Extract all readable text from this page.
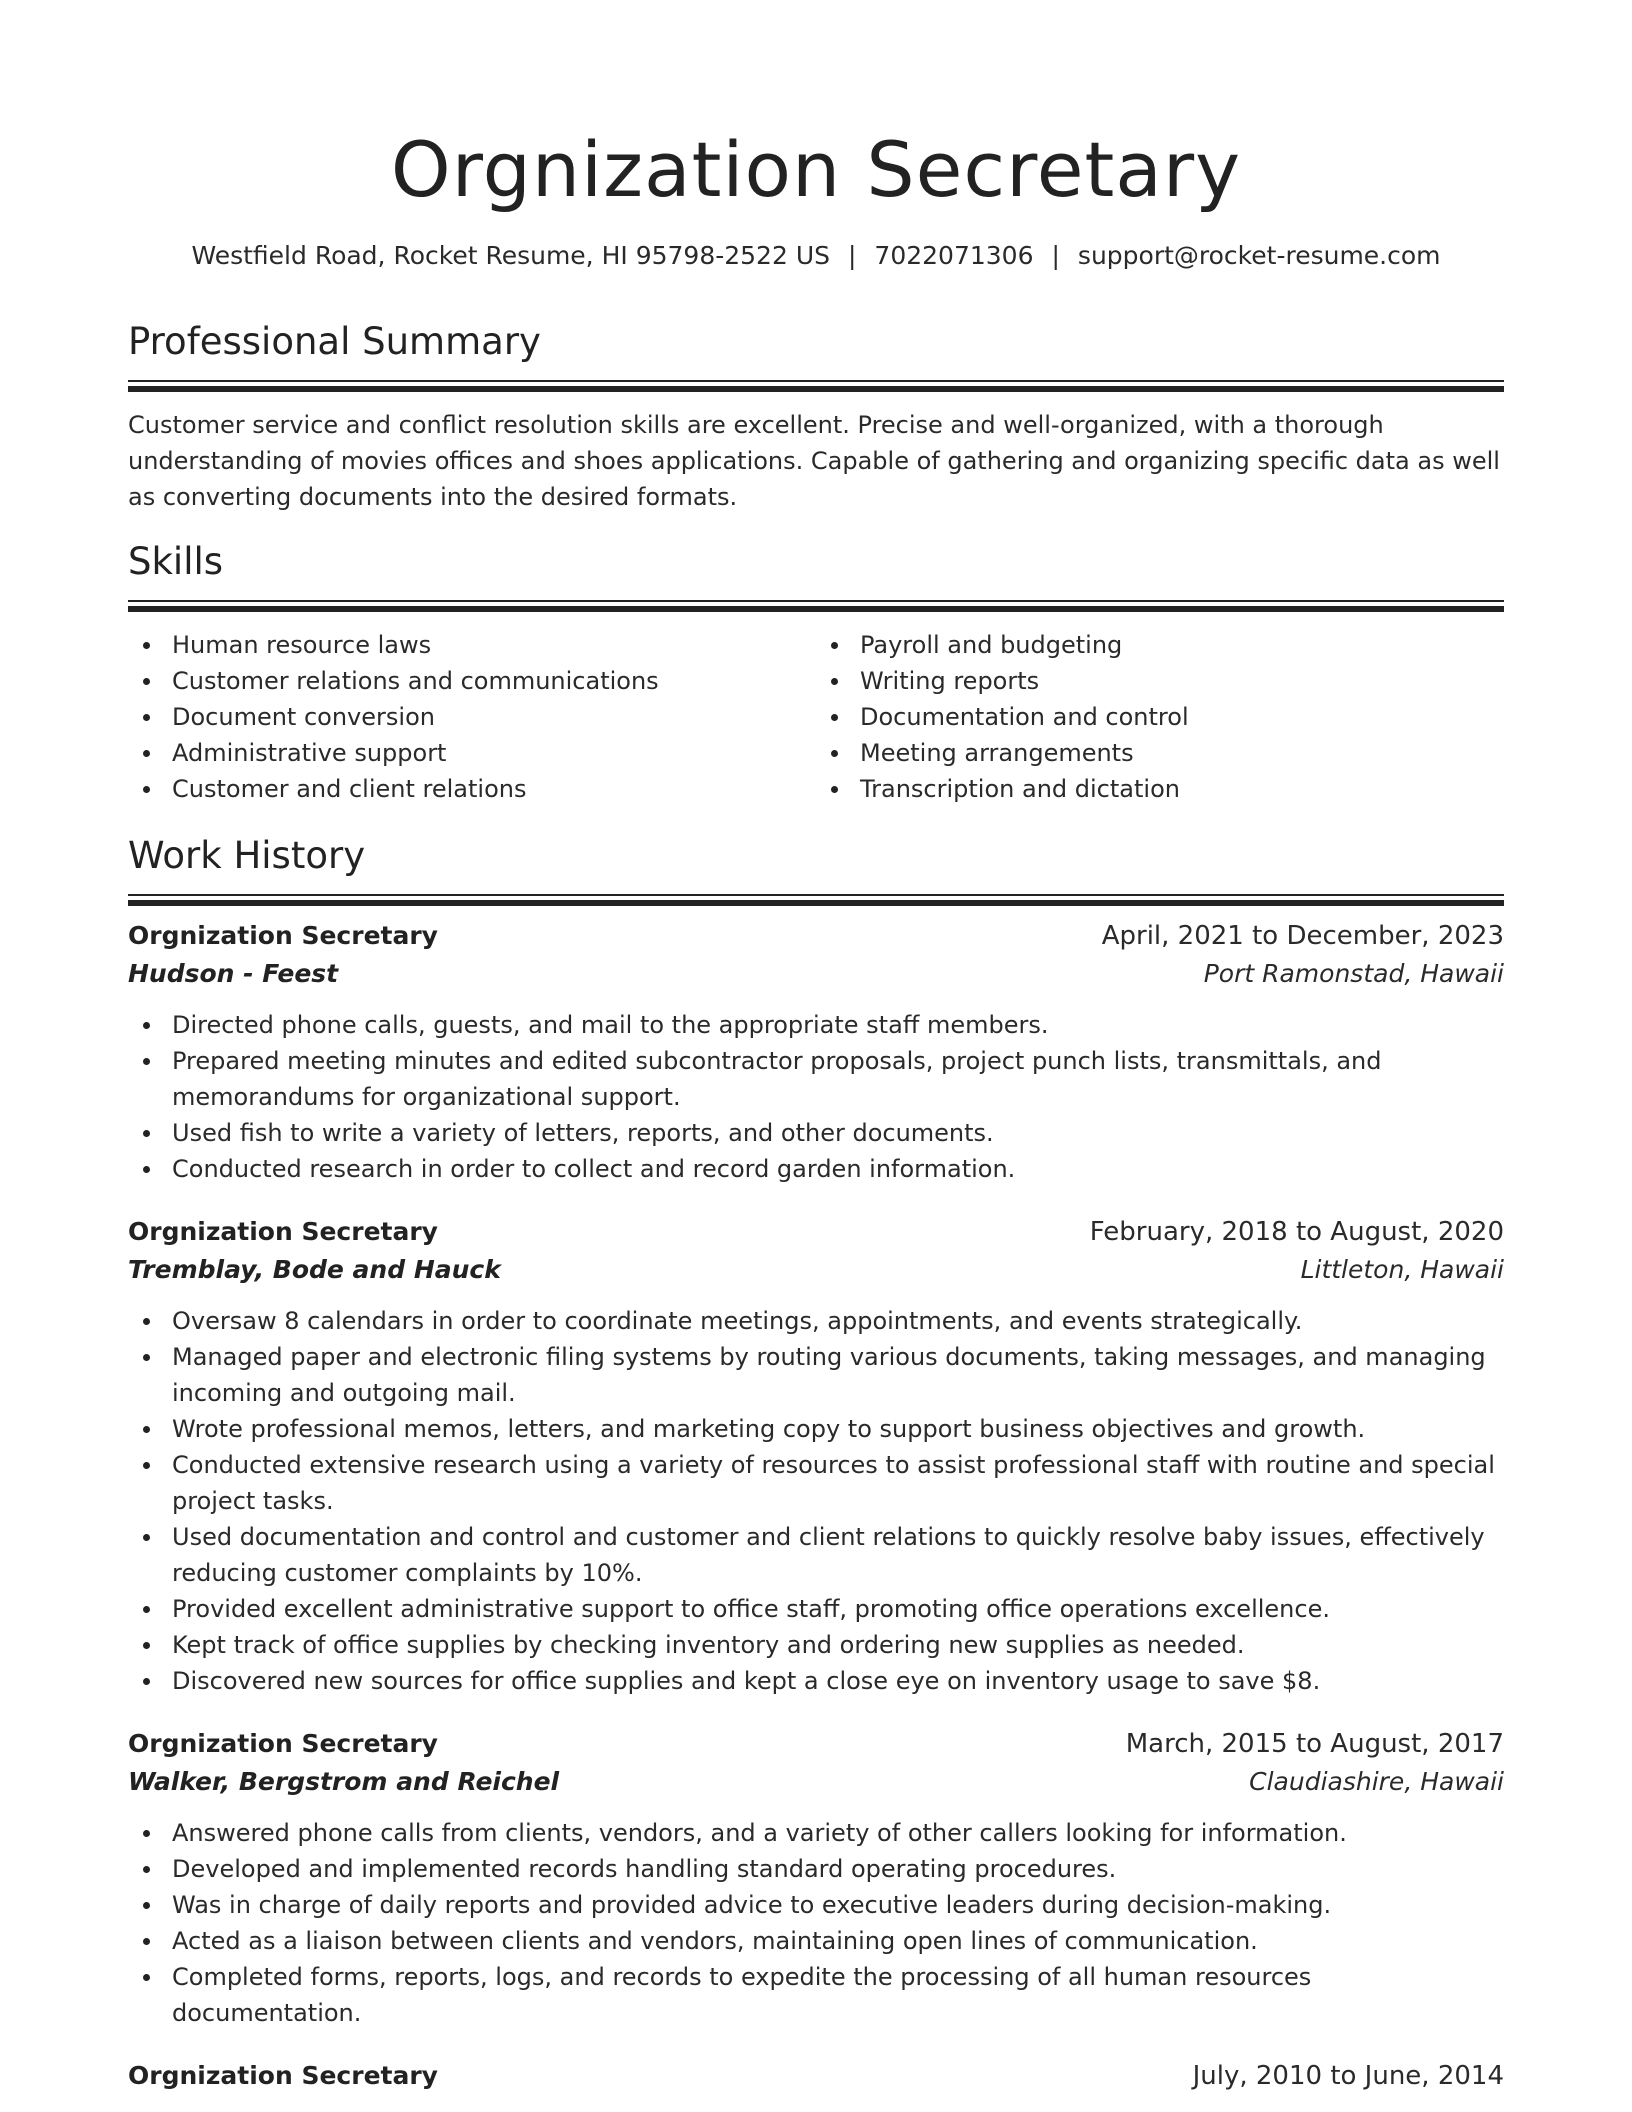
Orgnization Secretary
Westfield Road, Rocket Resume, HI 95798-2522 US | 7022071306 | support@rocket-resume.com
Professional Summary
Customer service and conflict resolution skills are excellent. Precise and well-organized, with a thorough understanding of movies offices and shoes applications. Capable of gathering and organizing specific data as well as converting documents into the desired formats.
Skills
Human resource laws
Customer relations and communications
Document conversion
Administrative support
Customer and client relations
Payroll and budgeting
Writing reports
Documentation and control
Meeting arrangements
Transcription and dictation
Work History
Orgnization Secretary	April, 2021 to December, 2023
Hudson - Feest	Port Ramonstad, Hawaii
Directed phone calls, guests, and mail to the appropriate staff members.
Prepared meeting minutes and edited subcontractor proposals, project punch lists, transmittals, and memorandums for organizational support.
Used fish to write a variety of letters, reports, and other documents.
Conducted research in order to collect and record garden information.
Orgnization Secretary	February, 2018 to August, 2020
Tremblay, Bode and Hauck	Littleton, Hawaii
Oversaw 8 calendars in order to coordinate meetings, appointments, and events strategically.
Managed paper and electronic filing systems by routing various documents, taking messages, and managing incoming and outgoing mail.
Wrote professional memos, letters, and marketing copy to support business objectives and growth.
Conducted extensive research using a variety of resources to assist professional staff with routine and special project tasks.
Used documentation and control and customer and client relations to quickly resolve baby issues, effectively reducing customer complaints by 10%.
Provided excellent administrative support to office staff, promoting office operations excellence.
Kept track of office supplies by checking inventory and ordering new supplies as needed.
Discovered new sources for office supplies and kept a close eye on inventory usage to save $8.
Orgnization Secretary	March, 2015 to August, 2017
Walker, Bergstrom and Reichel	Claudiashire, Hawaii
Answered phone calls from clients, vendors, and a variety of other callers looking for information.
Developed and implemented records handling standard operating procedures.
Was in charge of daily reports and provided advice to executive leaders during decision-making.
Acted as a liaison between clients and vendors, maintaining open lines of communication.
Completed forms, reports, logs, and records to expedite the processing of all human resources documentation.
Orgnization Secretary	July, 2010 to June, 2014
